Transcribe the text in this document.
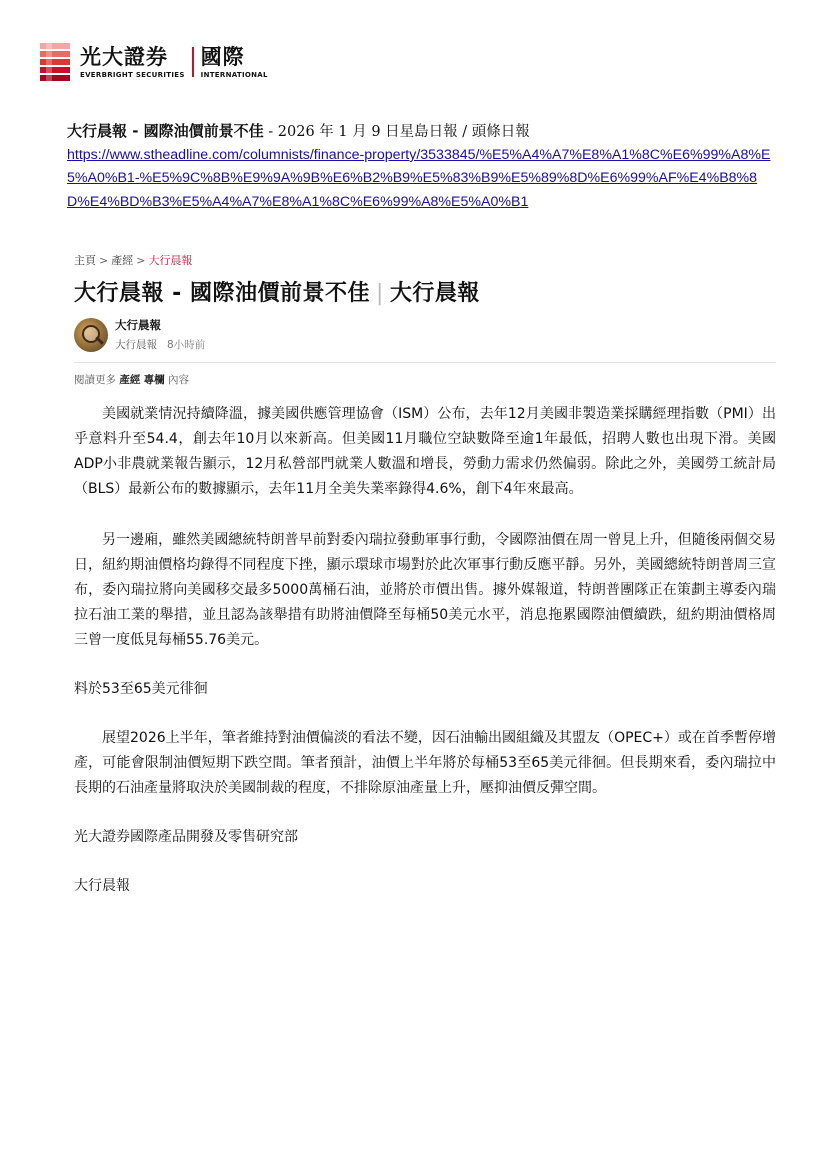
光大證券
EVERBRIGHT SECURITIES
國際
INTERNATIONAL
大行晨報 - 國際油價前景不佳 - 2026 年 1 月 9 日星島日報 / 頭條日報
https://www.stheadline.com/columnists/finance-property/3533845/%E5%A4%A7%E8%A1%8C%E6%99%A8%E5%A0%B1-%E5%9C%8B%E9%9A%9B%E6%B2%B9%E5%83%B9%E5%89%8D%E6%99%AF%E4%B8%8D%E4%BD%B3%E5%A4%A7%E8%A1%8C%E6%99%A8%E5%A0%B1
主頁 > 產經 > 大行晨報
大行晨報 - 國際油價前景不佳 | 大行晨報
大行晨報
大行晨報 8小時前
閱讀更多 產經 專欄 內容

美國就業情況持續降溫，據美國供應管理協會（ISM）公布，去年12月美國非製造業採購經理指數（PMI）出乎意料升至54.4，創去年10月以來新高。但美國11月職位空缺數降至逾1年最低，招聘人數也出現下滑。美國ADP小非農就業報告顯示，12月私營部門就業人數溫和增長，勞動力需求仍然偏弱。除此之外，美國勞工統計局（BLS）最新公布的數據顯示，去年11月全美失業率錄得4.6%，創下4年來最高。

另一邊廂，雖然美國總統特朗普早前對委內瑞拉發動軍事行動，令國際油價在周一曾見上升，但隨後兩個交易日，紐約期油價格均錄得不同程度下挫，顯示環球市場對於此次軍事行動反應平靜。另外，美國總統特朗普周三宣布，委內瑞拉將向美國移交最多5000萬桶石油，並將於市價出售。據外媒報道，特朗普團隊正在策劃主導委內瑞拉石油工業的舉措，並且認為該舉措有助將油價降至每桶50美元水平，消息拖累國際油價續跌，紐約期油價格周三曾一度低見每桶55.76美元。

料於53至65美元徘徊

展望2026上半年，筆者維持對油價偏淡的看法不變，因石油輸出國組織及其盟友（OPEC+）或在首季暫停增產，可能會限制油價短期下跌空間。筆者預計，油價上半年將於每桶53至65美元徘徊。但長期來看，委內瑞拉中長期的石油產量將取決於美國制裁的程度，不排除原油產量上升，壓抑油價反彈空間。

光大證券國際產品開發及零售研究部

大行晨報
